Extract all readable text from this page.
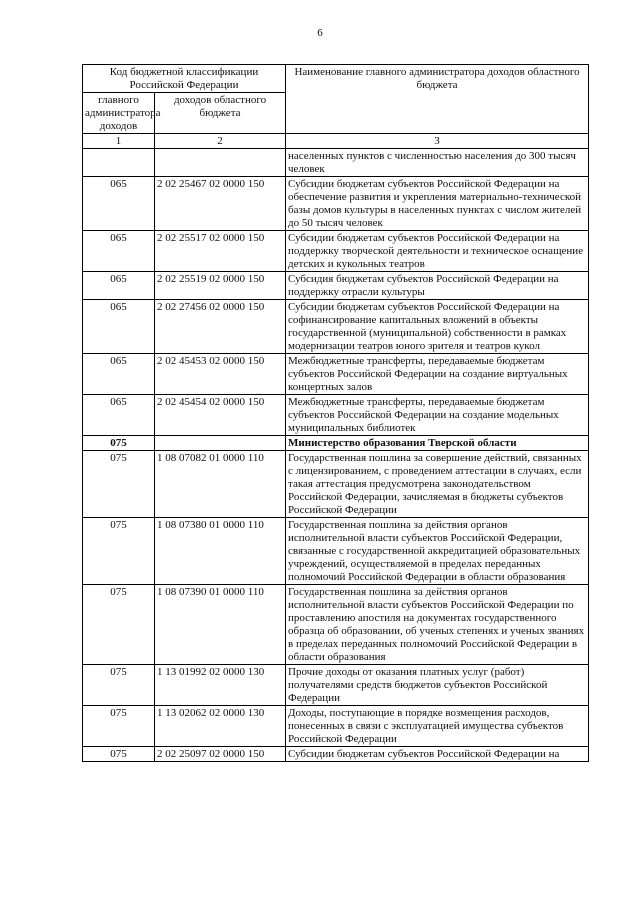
6
Код бюджетной классификации Российской Федерации		Наименование главного администратора доходов областного бюджета
главного администратора доходов	доходов областного бюджета	
1	2	3
		населенных пунктов с численностью населения до 300 тысяч человек
065	2 02 25467 02 0000 150	Субсидии бюджетам субъектов Российской Федерации на обеспечение развития и укрепления материально-технической базы домов культуры в населенных пунктах с числом жителей до 50 тысяч человек
065	2 02 25517 02 0000 150	Субсидии бюджетам субъектов Российской Федерации на поддержку творческой деятельности и техническое оснащение детских и кукольных театров
065	2 02 25519 02 0000 150	Субсидия бюджетам субъектов Российской Федерации на поддержку отрасли культуры
065	2 02 27456 02 0000 150	Субсидии бюджетам субъектов Российской Федерации на софинансирование капитальных вложений в объекты государственной (муниципальной) собственности в рамках модернизации театров юного зрителя и театров кукол
065	2 02 45453 02 0000 150	Межбюджетные трансферты, передаваемые бюджетам субъектов Российской Федерации на создание виртуальных концертных залов
065	2 02 45454 02 0000 150	Межбюджетные трансферты, передаваемые бюджетам субъектов Российской Федерации на создание модельных муниципальных библиотек
075		Министерство образования Тверской области
075	1 08 07082 01 0000 110	Государственная пошлина за совершение действий, связанных с лицензированием, с проведением аттестации в случаях, если такая аттестация предусмотрена законодательством Российской Федерации, зачисляемая в бюджеты субъектов Российской Федерации
075	1 08 07380 01 0000 110	Государственная пошлина за действия органов исполнительной власти субъектов Российской Федерации, связанные с государственной аккредитацией образовательных учреждений, осуществляемой в пределах переданных полномочий Российской Федерации в области образования
075	1 08 07390 01 0000 110	Государственная пошлина за действия органов исполнительной власти субъектов Российской Федерации по проставлению апостиля на документах государственного образца об образовании, об ученых степенях и ученых званиях в пределах переданных полномочий Российской Федерации в области образования
075	1 13 01992 02 0000 130	Прочие доходы от оказания платных услуг (работ) получателями средств бюджетов субъектов Российской Федерации
075	1 13 02062 02 0000 130	Доходы, поступающие в порядке возмещения расходов, понесенных в связи с эксплуатацией имущества субъектов Российской Федерации
075	2 02 25097 02 0000 150	Субсидии бюджетам субъектов Российской Федерации на
